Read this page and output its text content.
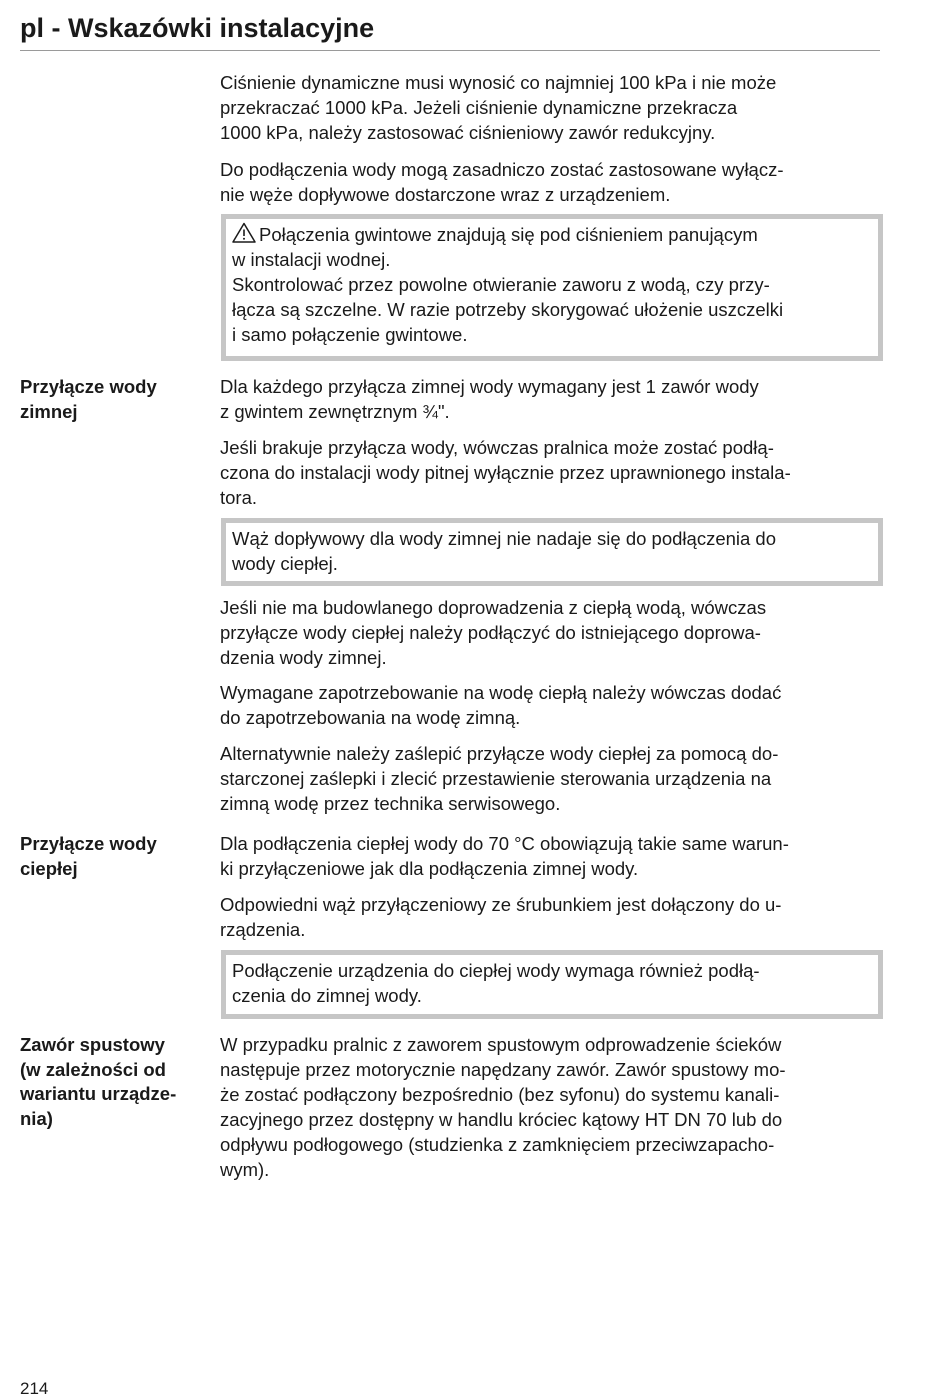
pl - Wskazówki instalacyjne
Ciśnienie dynamiczne musi wynosić co najmniej 100 kPa i nie może
przekraczać 1000 kPa. Jeżeli ciśnienie dynamiczne przekracza
1000 kPa, należy zastosować ciśnieniowy zawór redukcyjny.
Do podłączenia wody mogą zasadniczo zostać zastosowane wyłącz-
nie węże dopływowe dostarczone wraz z urządzeniem.
Połączenia gwintowe znajdują się pod ciśnieniem panującym
w instalacji wodnej.
Skontrolować przez powolne otwieranie zaworu z wodą, czy przy-
łącza są szczelne. W razie potrzeby skorygować ułożenie uszczelki
i samo połączenie gwintowe.
Przyłącze wody
zimnej
Dla każdego przyłącza zimnej wody wymagany jest 1 zawór wody
z gwintem zewnętrznym ¾".
Jeśli brakuje przyłącza wody, wówczas pralnica może zostać podłą-
czona do instalacji wody pitnej wyłącznie przez uprawnionego instala-
tora.
Wąż dopływowy dla wody zimnej nie nadaje się do podłączenia do
wody ciepłej.
Jeśli nie ma budowlanego doprowadzenia z ciepłą wodą, wówczas
przyłącze wody ciepłej należy podłączyć do istniejącego doprowa-
dzenia wody zimnej.
Wymagane zapotrzebowanie na wodę ciepłą należy wówczas dodać
do zapotrzebowania na wodę zimną.
Alternatywnie należy zaślepić przyłącze wody ciepłej za pomocą do-
starczonej zaślepki i zlecić przestawienie sterowania urządzenia na
zimną wodę przez technika serwisowego.
Przyłącze wody
ciepłej
Dla podłączenia ciepłej wody do 70 °C obowiązują takie same warun-
ki przyłączeniowe jak dla podłączenia zimnej wody.
Odpowiedni wąż przyłączeniowy ze śrubunkiem jest dołączony do u-
rządzenia.
Podłączenie urządzenia do ciepłej wody wymaga również podłą-
czenia do zimnej wody.
Zawór spustowy
(w zależności od
wariantu urządze-
nia)
W przypadku pralnic z zaworem spustowym odprowadzenie ścieków
następuje przez motorycznie napędzany zawór. Zawór spustowy mo-
że zostać podłączony bezpośrednio (bez syfonu) do systemu kanali-
zacyjnego przez dostępny w handlu króciec kątowy HT DN 70 lub do
odpływu podłogowego (studzienka z zamknięciem przeciwzapacho-
wym).
214
